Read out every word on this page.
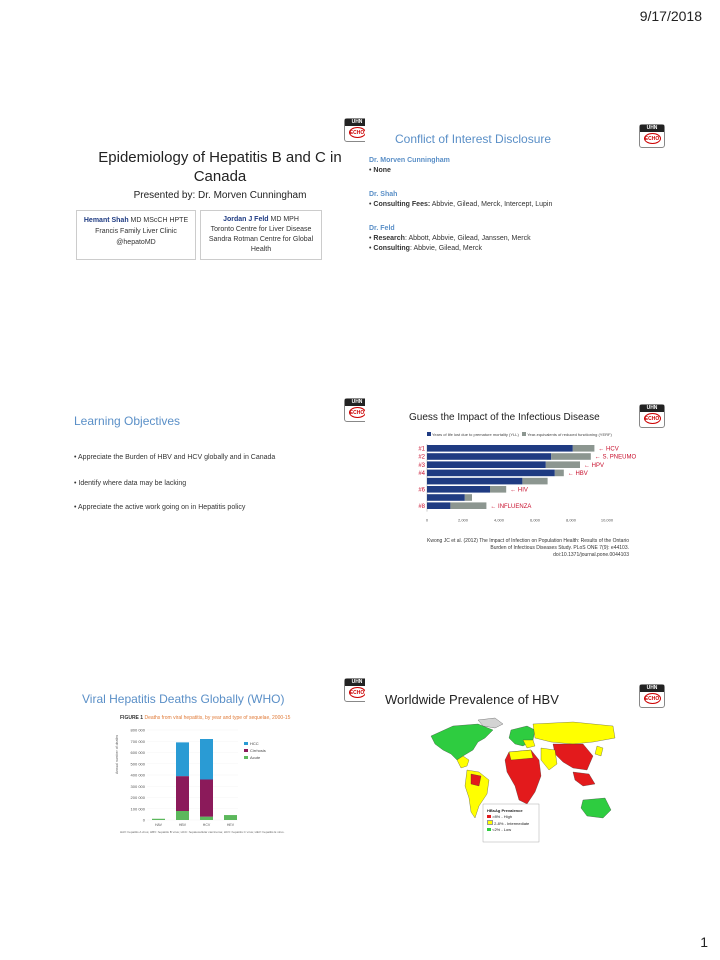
9/17/2018
UHN
ECHO
Epidemiology of Hepatitis B and C in
Canada
Presented by: Dr. Morven Cunningham
Hemant Shah MD MScCH HPTE
Francis Family Liver Clinic
@hepatoMD
Jordan J Feld MD MPH
Toronto Centre for Liver Disease
Sandra Rotman Centre for Global
Health
UHN
ECHO
Conflict of Interest Disclosure
Dr. Morven Cunningham
• None
Dr. Shah
• Consulting Fees: Abbvie, Gilead, Merck, Intercept, Lupin
Dr. Feld
• Research: Abbott, Abbvie, Gilead, Janssen, Merck
• Consulting: Abbvie, Gilead, Merck
UHN
ECHO
Learning Objectives
• Appreciate the Burden of HBV and HCV globally and in Canada
• Identify where data may be lacking
• Appreciate the active work going on in Hepatitis policy
UHN
ECHO
Guess the Impact of the Infectious Disease
Years of life lost due to premature mortality (YLL) Year-equivalents of reduced functioning (YERF)
#1	← HCV
#2	← S. PNEUMO
#3	← HPV
#4	← HBV
#6	← HIV
#8	← INFLUENZA
0	2,000	4,000	6,000	8,000	10,000
Kwong JC et al. (2012) The Impact of Infection on Population Health: Results of the Ontario
Burden of Infectious Diseases Study. PLoS ONE 7(9): e44103.
doi:10.1371/journal.pone.0044103
UHN
ECHO
Viral Hepatitis Deaths Globally (WHO)
FIGURE 1 Deaths from viral hepatitis, by year and type of sequelae, 2000-15
Annual number of deaths
800 000
700 000
600 000
500 000
400 000
300 000
200 000
100 000
0
HAV	HBV	HCV	HEV
HCC
Cirrhosis
Acute
HAV: hepatitis A virus; HBV: hepatitis B virus; HCC: hepatocellular carcinoma; HCV: hepatitis C virus; HEV: hepatitis E virus.
UHN
ECHO
Worldwide Prevalence of HBV
HBsAg Prevalence
>8% - High
2-8% - Intermediate
<2% - Low
1
